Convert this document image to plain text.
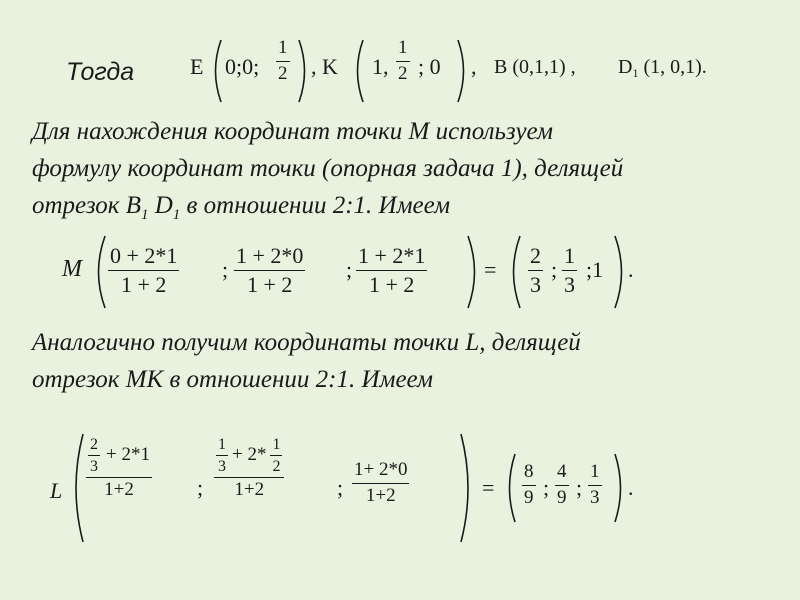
Тогда	E 0;0; $\frac{1}{2}$ , K 1, $\frac{1}{2}$ ; 0 , B (0,1,1) , $D_1$ (1, 0,1).
Для нахождения координат точки M используем
формулу координат точки (опорная задача 1), делящей
отрезок $B_1$ $D_1$ в отношении 2:1. Имеем
M $\frac{0 + 2*1}{1 + 2}$ ; $\frac{1 + 2*0}{1 + 2}$ ; $\frac{1 + 2*1}{1 + 2}$	= $\frac{2}{3}$ ; $\frac{1}{3}$ ;1 .
Аналогично получим координаты точки L, делящей
отрезок MK в отношении 2:1. Имеем
L $\frac{\frac{2}{3} + 2*1}{1+2}$ ; $\frac{\frac{1}{3} + 2* \frac{1}{2}}{1+2}$ ; $\frac{1+ 2*0}{1+2}$	= $\frac{8}{9}$ ; $\frac{4}{9}$ ; $\frac{1}{3}$ .
